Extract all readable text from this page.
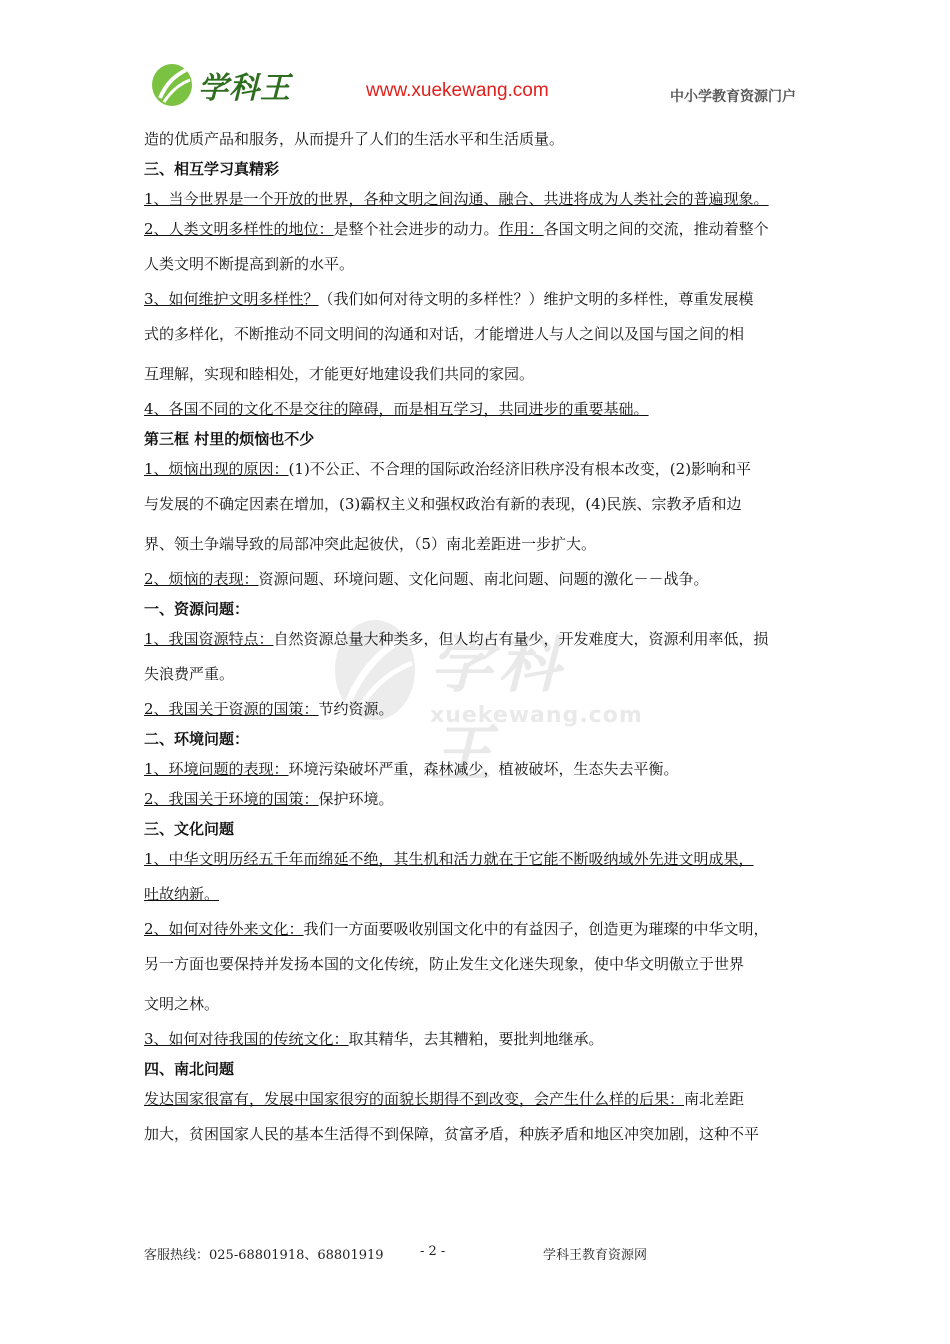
学科王	www.xuekewang.com	中小学教育资源门户
学科王
xuekewang.com
造的优质产品和服务，从而提升了人们的生活水平和生活质量。
三、相互学习真精彩
1、当今世界是一个开放的世界，各种文明之间沟通、融合、共进将成为人类社会的普遍现象。
2、人类文明多样性的地位：是整个社会进步的动力。作用：各国文明之间的交流，推动着整个
人类文明不断提高到新的水平。
3、如何维护文明多样性？（我们如何对待文明的多样性？）维护文明的多样性，尊重发展模
式的多样化，不断推动不同文明间的沟通和对话，才能增进人与人之间以及国与国之间的相
互理解，实现和睦相处，才能更好地建设我们共同的家园。
4、各国不同的文化不是交往的障碍，而是相互学习，共同进步的重要基础。
第三框 村里的烦恼也不少
1、烦恼出现的原因：(1)不公正、不合理的国际政治经济旧秩序没有根本改变，(2)影响和平
与发展的不确定因素在增加，(3)霸权主义和强权政治有新的表现，(4)民族、宗教矛盾和边
界、领土争端导致的局部冲突此起彼伏，（5）南北差距进一步扩大。
2、烦恼的表现：资源问题、环境问题、文化问题、南北问题、问题的激化－－战争。
一、资源问题：
1、我国资源特点：自然资源总量大种类多，但人均占有量少，开发难度大，资源利用率低，损
失浪费严重。
2、我国关于资源的国策：节约资源。
二、环境问题：
1、环境问题的表现：环境污染破坏严重，森林减少，植被破坏，生态失去平衡。
2、我国关于环境的国策：保护环境。
三、文化问题
1、中华文明历经五千年而绵延不绝，其生机和活力就在于它能不断吸纳域外先进文明成果，
吐故纳新。
2、如何对待外来文化：我们一方面要吸收别国文化中的有益因子，创造更为璀璨的中华文明，
另一方面也要保持并发扬本国的文化传统，防止发生文化迷失现象，使中华文明傲立于世界
文明之林。
3、如何对待我国的传统文化：取其精华，去其糟粕，要批判地继承。
四、南北问题
发达国家很富有，发展中国家很穷的面貌长期得不到改变，会产生什么样的后果：南北差距
加大，贫困国家人民的基本生活得不到保障，贫富矛盾，种族矛盾和地区冲突加剧，这种不平
客服热线：025-68801918、68801919	- 2 -	学科王教育资源网
